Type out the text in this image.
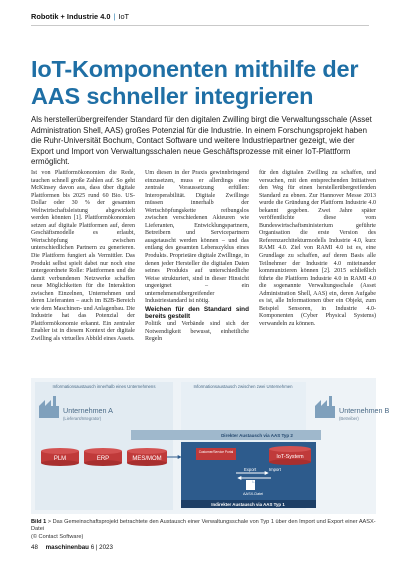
Robotik + Industrie 4.0 | IoT
IoT-Komponenten mithilfe der
AAS schneller integrieren

Als herstellerübergreifender Standard für den digitalen Zwilling birgt die Verwaltungsschale (Asset Administration Shell, AAS) großes Potenzial für die Industrie. In einem Forschungsprojekt haben die Ruhr-Universität Bochum, Contact Software und weitere Industriepartner gezeigt, wie der Export und Import von Verwaltungsschalen neue Geschäftsprozesse mit einer IoT-Plattform ermöglicht.

Ist von Plattformökonomien die Rede, tauchen schnell große Zahlen auf. So geht McKinsey davon aus, dass über digitale Plattformen bis 2025 rund 60 Bio. US-Dollar oder 30 % der gesamten Weltwirtschaftsleistung abgewickelt werden könnten [1]. Plattformökonomien setzen auf digitale Plattformen auf, deren Geschäftsmodelle es erlaubt, Wertschöpfung zwischen unterschiedlichen Partnern zu generieren. Die Plattform fungiert als Vermittler. Das Produkt selbst spielt dabei nur noch eine untergeordnete Rolle: Plattformen und die damit verbundenen Netzwerke schaffen neue Möglichkeiten für die Interaktion zwischen Einzelnen, Unternehmen und deren Lieferanten – auch im B2B-Bereich wie dem Maschinen- und Anlagenbau. Die Industrie hat das Potenzial der Plattformökonomie erkannt. Ein zentraler Enabler ist in diesem Kontext der digitale Zwilling als virtuelles Abbild eines Assets.

Um diesen in der Praxis gewinnbringend einzusetzen, muss er allerdings eine zentrale Voraussetzung erfüllen: Interoperabilität. Digitale Zwillinge müssen innerhalb der Wertschöpfungskette reibungslos zwischen verschiedenen Akteuren wie Lieferanten, Entwicklungspartnern, Betreibern und Servicepartnern ausgetauscht werden können – und das entlang des gesamten Lebenszyklus eines Produkts. Proprietäre digitale Zwillinge, in denen jeder Hersteller die digitalen Daten seines Produkts auf unterschiedliche Weise strukturiert, sind in dieser Hinsicht ungeeignet – ein unternehmensübergreifender Industriestandard ist nötig.

Weichen für den Standard sind bereits gestellt

Politik und Verbände sind sich der Notwendigkeit bewusst, einheitliche Regeln

für den digitalen Zwilling zu schaffen, und versuchen, mit den entsprechenden Initiativen den Weg für einen herstellerübergreifenden Standard zu ebnen. Zur Hannover Messe 2013 wurde die Gründung der Plattform Industrie 4.0 bekannt gegeben. Zwei Jahre später veröffentlichte diese vom Bundeswirtschaftsministerium geführte Organisation die erste Version des Referenzarchitekturmodells Industrie 4.0, kurz RAMI 4.0. Ziel von RAMI 4.0 ist es, eine Grundlage zu schaffen, auf deren Basis alle Teilnehmer der Industrie 4.0 miteinander kommunizieren können [2]. 2015 schließlich führte die Plattform Industrie 4.0 in RAMI 4.0 die sogenannte Verwaltungsschale (Asset Administration Shell, AAS) ein, deren Aufgabe es ist, alle Informationen über ein Objekt, zum Beispiel Sensoren, in Industrie 4.0-Komponenten (Cyber Physical Systems) verwandeln zu können.

Informationsaustausch innerhalb eines Unternehmens	Informationsaustausch zwischen zwei Unternehmen
Unternehmen A
(Lieferant/Integrator)
Unternehmen B
(Betreiber)
PLM	ERP	MES/MOM
Direkter Austausch via AAS Typ 2
Customer/Service Portal
IoT-System
Export	Import
AASX-Datei
Indirekter Austausch via AAS Typ 1

Bild 1 > Das Gemeinschaftsprojekt betrachtete den Austausch einer Verwaltungsschale von Typ 1 über den Import und Export einer AASX-Datei
(© Contact Software)

48 maschinenbau 6 | 2023
